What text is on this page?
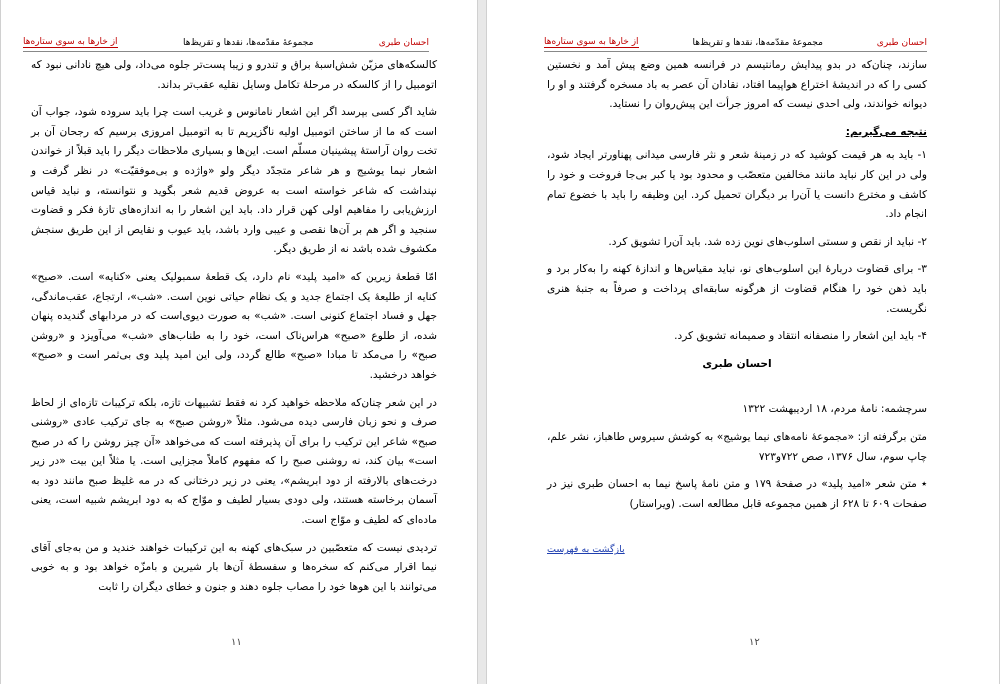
احسان طبری
مجموعهٔ مقدّمه‌ها، نقدها و تقریظ‌ها
از خارها به سوی ستاره‌ها

کالسکه‌های مزیّن شش‌اسبهٔ براق و تندرو و زیبا پست‌تر جلوه می‌داد، ولی هیچ نادانی نبود که اتومبیل را از کالسکه در مرحلهٔ تکامل وسایل نقلیه عقب‌تر بداند.

شاید اگر کسی بپرسد اگر این اشعار نامانوس و غریب است چرا باید سروده شود، جواب آن است که ما از ساختن اتومبیل اولیه ناگزیریم تا به اتومبیل امروزی برسیم که رجحان آن بر تخت روان آراستهٔ پیشینیان مسلّم است. این‌ها و بسیاری ملاحظات دیگر را باید قبلاً از خواندن اشعار نیما یوشیج و هر شاعر متجدّد دیگر ولو «واژده و بی‌موفقیّت» در نظر گرفت و نپنداشت که شاعر خواسته است به عروض قدیم شعر بگوید و نتوانسته، و نباید قیاس ارزش‌یابی را مفاهیم اولی کهن قرار داد. باید این اشعار را به اندازه‌های تازهٔ فکر و قضاوت سنجید و اگر هم بر آن‌ها نقصی و عیبی وارد باشد، باید عیوب و نقایص از این طریق سنجش مکشوف شده باشد نه از طریق دیگر.

امّا قطعهٔ زیرین که «امید پلید» نام دارد، یک قطعهٔ سمبولیک یعنی «کنایه» است. «صبح» کنایه از طلیعهٔ یک اجتماع جدید و یک نظام حیاتی نوین است. «شب»، ارتجاع، عقب‌ماندگی، جهل و فساد اجتماع کنونی است. «شب» به صورت دیوی‌است که در مردابهای گندیده پنهان شده، از طلوع «صبح» هراس‌ناک است، خود را به طناب‌های «شب» می‌آویزد و «روشن صبح» را می‌مکد تا مبادا «صبح» طالع گردد، ولی این امید پلید وی بی‌ثمر است و «صبح» خواهد درخشید.

در این شعر چنان‌که ملاحظه خواهید کرد نه فقط تشبیهات تازه، بلکه ترکیبات تازه‌ای از لحاظ صرف و نحو زبان فارسی دیده می‌شود. مثلاً «روشن صبح» به جای ترکیب عادی «روشنی صبح» شاعر این ترکیب را برای آن پذیرفته است که می‌خواهد «آن چیز روشن را که در صبح است» بیان کند، نه روشنی صبح را که مفهوم کاملاً مجزایی است. یا مثلاً این بیت «در زیر درخت‌های بالارفته از دود ابریشم»، یعنی در زیر درختانی که در مه غلیظ صبح مانند دود به آسمان برخاسته هستند، ولی دودی بسیار لطیف و موّاج که به دود ابریشم شبیه است، یعنی ماده‌ای که لطیف و موّاج است.

تردیدی نیست که متعصّبین در سبک‌های کهنه به این ترکیبات خواهند خندید و من به‌جای آقای نیما اقرار می‌کنم که سخره‌ها و سفسطهٔ آن‌ها بار شیرین و بامزّه خواهد بود و به خوبی می‌توانند با این هوها خود را مصاب جلوه دهند و جنون و خطای دیگران را ثابت

۱۱
احسان طبری
مجموعهٔ مقدّمه‌ها، نقدها و تقریظ‌ها
از خارها به سوی ستاره‌ها

سازند، چنان‌که در بدو پیدایش رمانتیسم در فرانسه همین وضع پیش آمد و نخستین کسی را که در اندیشهٔ اختراع هواپیما افتاد، نقادان آن عصر به باد مسخره گرفتند و او را دیوانه خواندند، ولی احدی نیست که امروز جرأت این پیش‌روان را نستاید.

نتیجه می‌گیریم:

۱- باید به هر قیمت کوشید که در زمینهٔ شعر و نثر فارسی میدانی پهناورتر ایجاد شود، ولی در این کار نباید مانند مخالفین متعصّب و محدود بود یا کبر بی‌جا فروخت و خود را کاشف و مخترع دانست یا آن‌را بر دیگران تحمیل کرد. این وظیفه را باید با خضوع تمام انجام داد.

۲- نباید از نقص و سستی اسلوب‌های نوین زده شد. باید آن‌را تشویق کرد.

۳- برای قضاوت دربارهٔ این اسلوب‌های نو، نباید مقیاس‌ها و اندازهٔ کهنه را به‌کار برد و باید ذهن خود را هنگام قضاوت از هرگونه سابقه‌ای پرداخت و صرفاً به جنبهٔ هنری نگریست.

۴- باید این اشعار را منصفانه انتقاد و صمیمانه تشویق کرد.

احسان طبری

سرچشمه: نامهٔ مردم، ۱۸ اردیبهشت ۱۳۲۲

متن برگرفته از: «مجموعهٔ نامه‌های نیما یوشیج» به کوشش سیروس طاهباز، نشر علم، چاپ سوم، سال ۱۳۷۶، صص ۷۲۲و۷۲۳

٭ متن شعر «امید پلید» در صفحهٔ ۱۷۹ و متن نامهٔ پاسخ نیما به احسان طبری نیز در صفحات ۶۰۹ تا ۶۲۸ از همین مجموعه قابل مطالعه است. (ویراستار)

بازگشت به فهرست
۱۲
